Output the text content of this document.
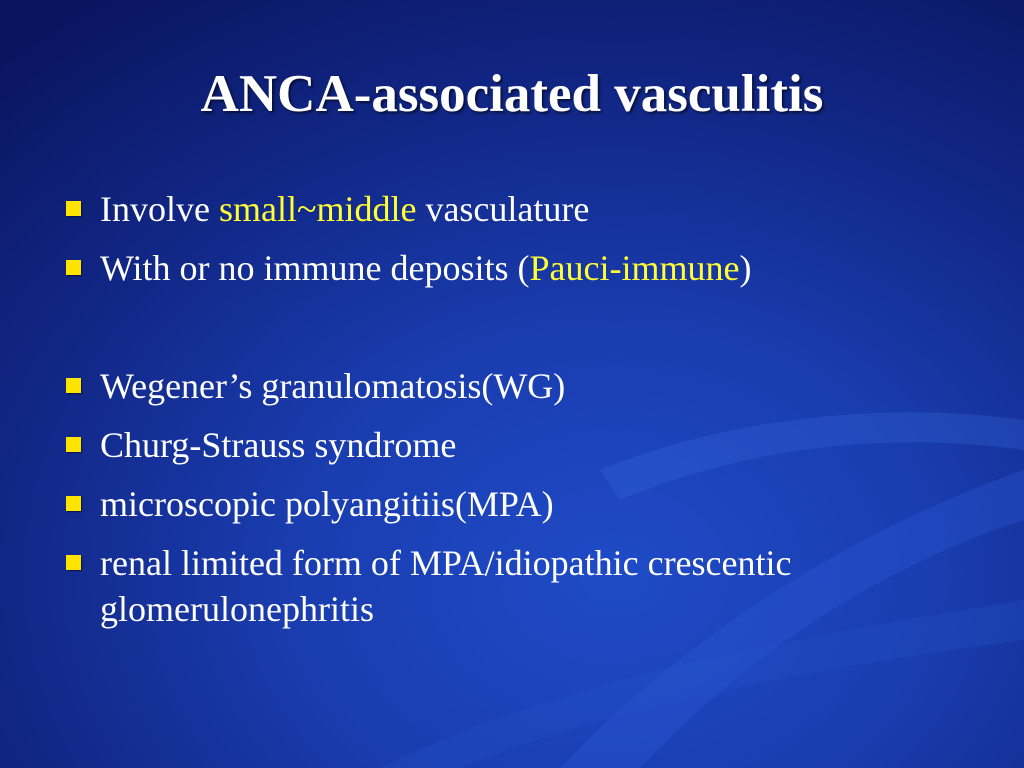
ANCA-associated vasculitis
Involve small~middle vasculature
With or no immune deposits (Pauci-immune)
Wegener’s granulomatosis(WG)
Churg-Strauss syndrome
microscopic polyangitiis(MPA)
renal limited form of MPA/idiopathic crescentic glomerulonephritis
